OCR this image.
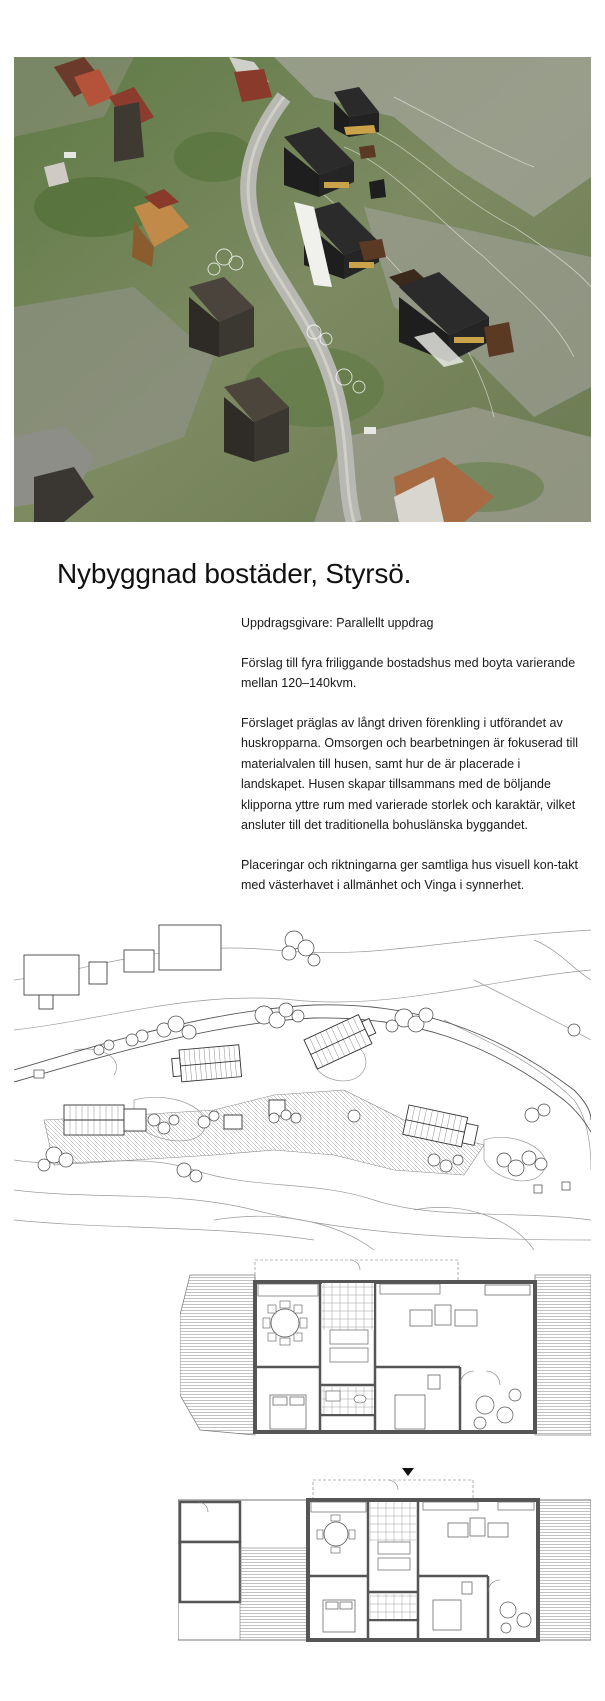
Nybyggnad bostäder, Styrsö.

Uppdragsgivare: Parallellt uppdrag

Förslag till fyra friliggande bostadshus med boyta varierande mellan 120–140kvm.

Förslaget präglas av långt driven förenkling i utförandet av huskropparna. Omsorgen och bearbetningen är fokuserad till materialvalen till husen, samt hur de är placerade i landskapet. Husen skapar tillsammans med de böljande klipporna yttre rum med varierade storlek och karaktär, vilket ansluter till det traditionella bohuslänska byggandet.

Placeringar och riktningarna ger samtliga hus visuell kon-takt med västerhavet i allmänhet och Vinga i synnerhet.
